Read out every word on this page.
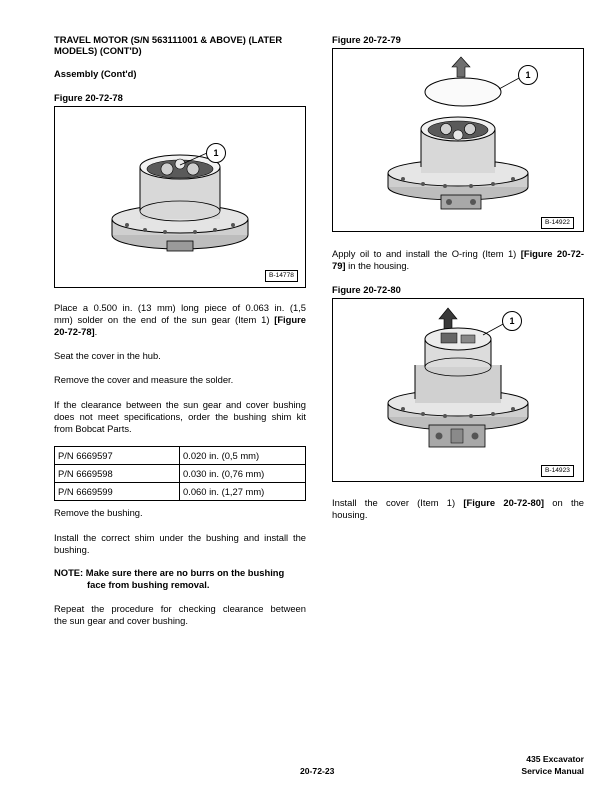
TRAVEL MOTOR (S/N 563111001 & ABOVE) (LATER
MODELS) (CONT'D)
Assembly (Cont'd)
Figure 20-72-78
1
B-14778

Place a 0.500 in. (13 mm) long piece of 0.063 in. (1,5

mm) solder on the end of the sun gear (Item 1) [Figure

20-72-78].

Seat the cover in the hub.

Remove the cover and measure the solder.

If the clearance between the sun gear and cover bushing

does not meet specifications, order the bushing shim kit

from Bobcat Parts.

P/N 6669597	0.020 in. (0,5 mm)
P/N 6669598	0.030 in. (0,76 mm)
P/N 6669599	0.060 in. (1,27 mm)

Remove the bushing.

Install the correct shim under the bushing and install the

bushing.

NOTE: Make sure there are no burrs on the bushing

face from bushing removal.

Repeat the procedure for checking clearance between

the sun gear and cover bushing.

Figure 20-72-79
1
B-14922

Apply oil to and install the O-ring (Item 1) [Figure 20-72-

79] in the housing.

Figure 20-72-80
1
B-14923

Install the cover (Item 1) [Figure 20-72-80] on the

housing.

20-72-23
435 Excavator
Service Manual
